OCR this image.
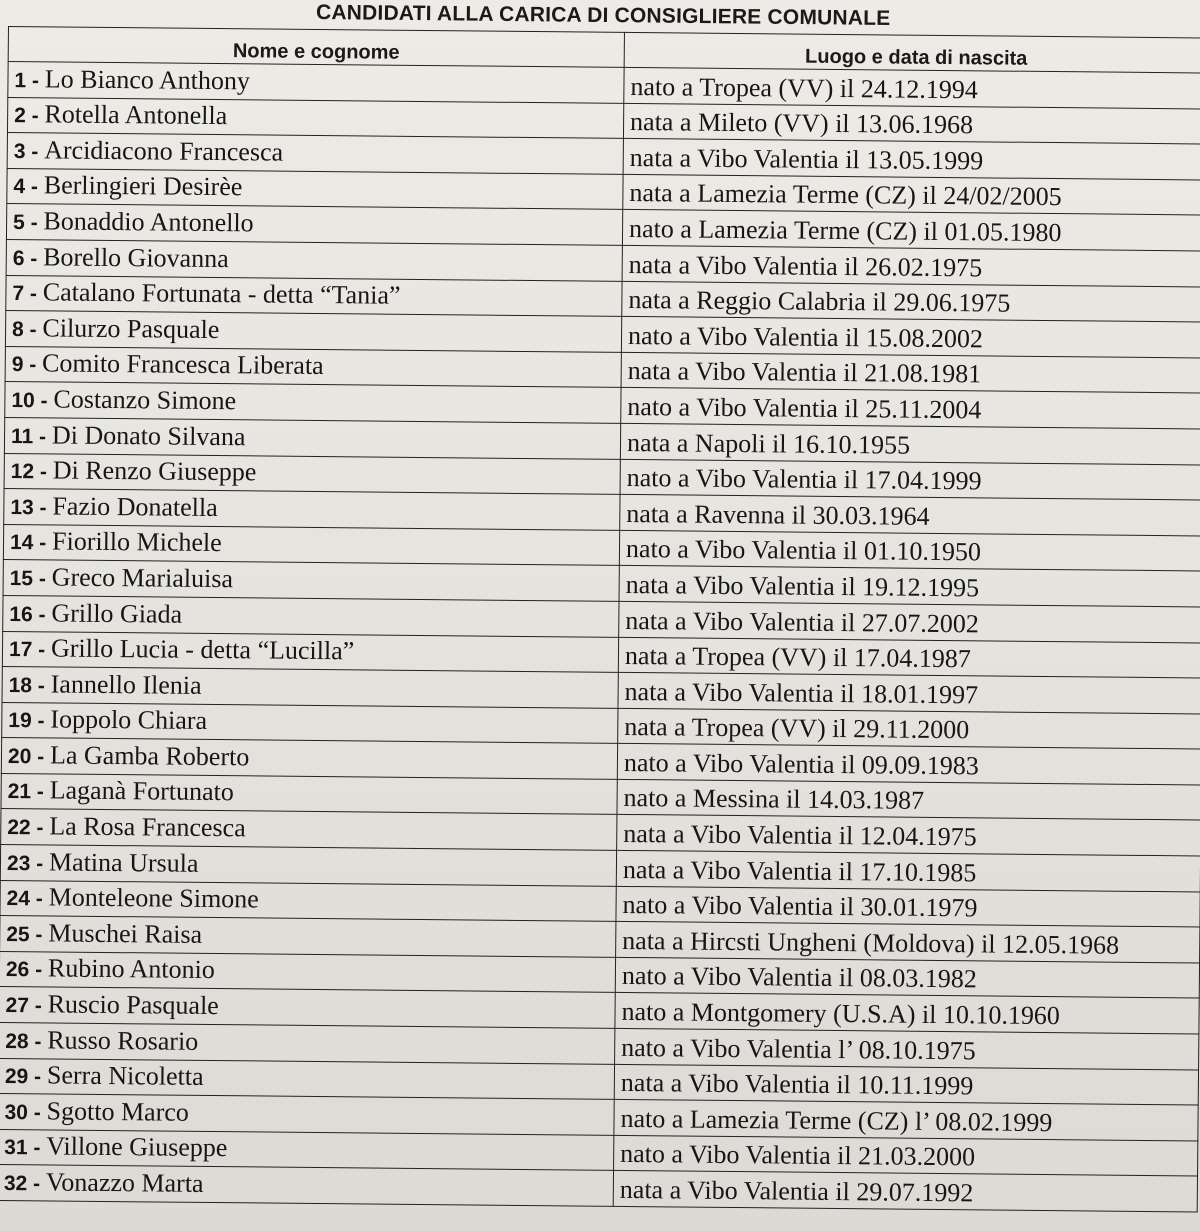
CANDIDATI ALLA CARICA DI CONSIGLIERE COMUNALE
Nome e cognome	Luogo e data di nascita
1 - Lo Bianco Anthony	nato a Tropea (VV) il 24.12.1994
2 - Rotella Antonella	nata a Mileto (VV) il 13.06.1968
3 - Arcidiacono Francesca	nata a Vibo Valentia il 13.05.1999
4 - Berlingieri Desirèe	nata a Lamezia Terme (CZ) il 24/02/2005
5 - Bonaddio Antonello	nato a Lamezia Terme (CZ) il 01.05.1980
6 - Borello Giovanna	nata a Vibo Valentia il 26.02.1975
7 - Catalano Fortunata - detta “Tania”	nata a Reggio Calabria il 29.06.1975
8 - Cilurzo Pasquale	nato a Vibo Valentia il 15.08.2002
9 - Comito Francesca Liberata	nata a Vibo Valentia il 21.08.1981
10 - Costanzo Simone	nato a Vibo Valentia il 25.11.2004
11 - Di Donato Silvana	nata a Napoli il 16.10.1955
12 - Di Renzo Giuseppe	nato a Vibo Valentia il 17.04.1999
13 - Fazio Donatella	nata a Ravenna il 30.03.1964
14 - Fiorillo Michele	nato a Vibo Valentia il 01.10.1950
15 - Greco Marialuisa	nata a Vibo Valentia il 19.12.1995
16 - Grillo Giada	nata a Vibo Valentia il 27.07.2002
17 - Grillo Lucia - detta “Lucilla”	nata a Tropea (VV) il 17.04.1987
18 - Iannello Ilenia	nata a Vibo Valentia il 18.01.1997
19 - Ioppolo Chiara	nata a Tropea (VV) il 29.11.2000
20 - La Gamba Roberto	nato a Vibo Valentia il 09.09.1983
21 - Laganà Fortunato	nato a Messina il 14.03.1987
22 - La Rosa Francesca	nata a Vibo Valentia il 12.04.1975
23 - Matina Ursula	nata a Vibo Valentia il 17.10.1985
24 - Monteleone Simone	nato a Vibo Valentia il 30.01.1979
25 - Muschei Raisa	nata a Hircsti Ungheni (Moldova) il 12.05.1968
26 - Rubino Antonio	nato a Vibo Valentia il 08.03.1982
27 - Ruscio Pasquale	nato a Montgomery (U.S.A) il 10.10.1960
28 - Russo Rosario	nato a Vibo Valentia l’ 08.10.1975
29 - Serra Nicoletta	nata a Vibo Valentia il 10.11.1999
30 - Sgotto Marco	nato a Lamezia Terme (CZ) l’ 08.02.1999
31 - Villone Giuseppe	nato a Vibo Valentia il 21.03.2000
32 - Vonazzo Marta	nata a Vibo Valentia il 29.07.1992
